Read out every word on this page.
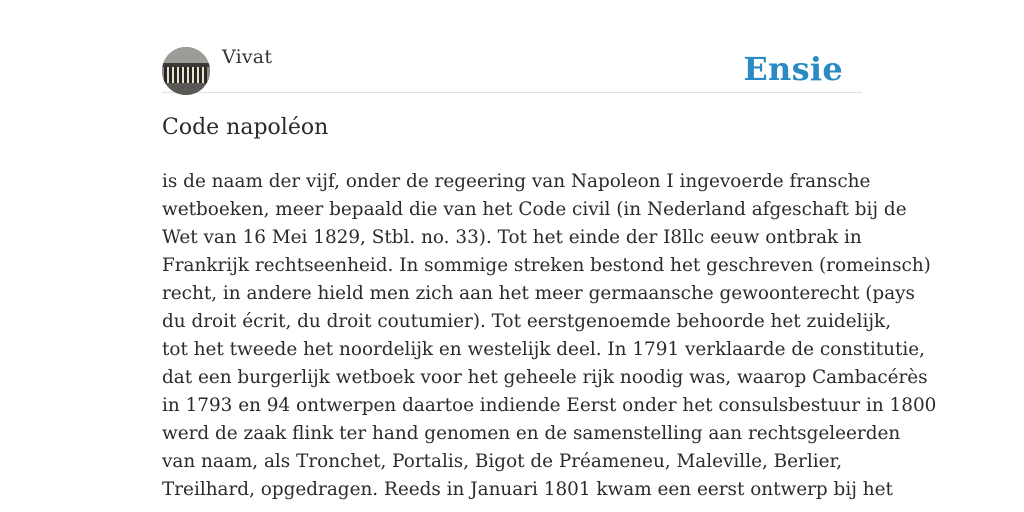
Vivat	Ensie
Code napoléon
is de naam der vijf, onder de regeering van Napoleon I ingevoerde fransche
wetboeken, meer bepaald die van het Code civil (in Nederland afgeschaft bij de
Wet van 16 Mei 1829, Stbl. no. 33). Tot het einde der I8llc eeuw ontbrak in
Frankrijk rechtseenheid. In sommige streken bestond het geschreven (romeinsch)
recht, in andere hield men zich aan het meer germaansche gewoonterecht (pays
du droit écrit, du droit coutumier). Tot eerstgenoemde behoorde het zuidelijk,
tot het tweede het noordelijk en westelijk deel. In 1791 verklaarde de constitutie,
dat een burgerlijk wetboek voor het geheele rijk noodig was, waarop Cambacérès
in 1793 en 94 ontwerpen daartoe indiende Eerst onder het consulsbestuur in 1800
werd de zaak flink ter hand genomen en de samenstelling aan rechtsgeleerden
van naam, als Tronchet, Portalis, Bigot de Préameneu, Maleville, Berlier,
Treilhard, opgedragen. Reeds in Januari 1801 kwam een eerst ontwerp bij het
